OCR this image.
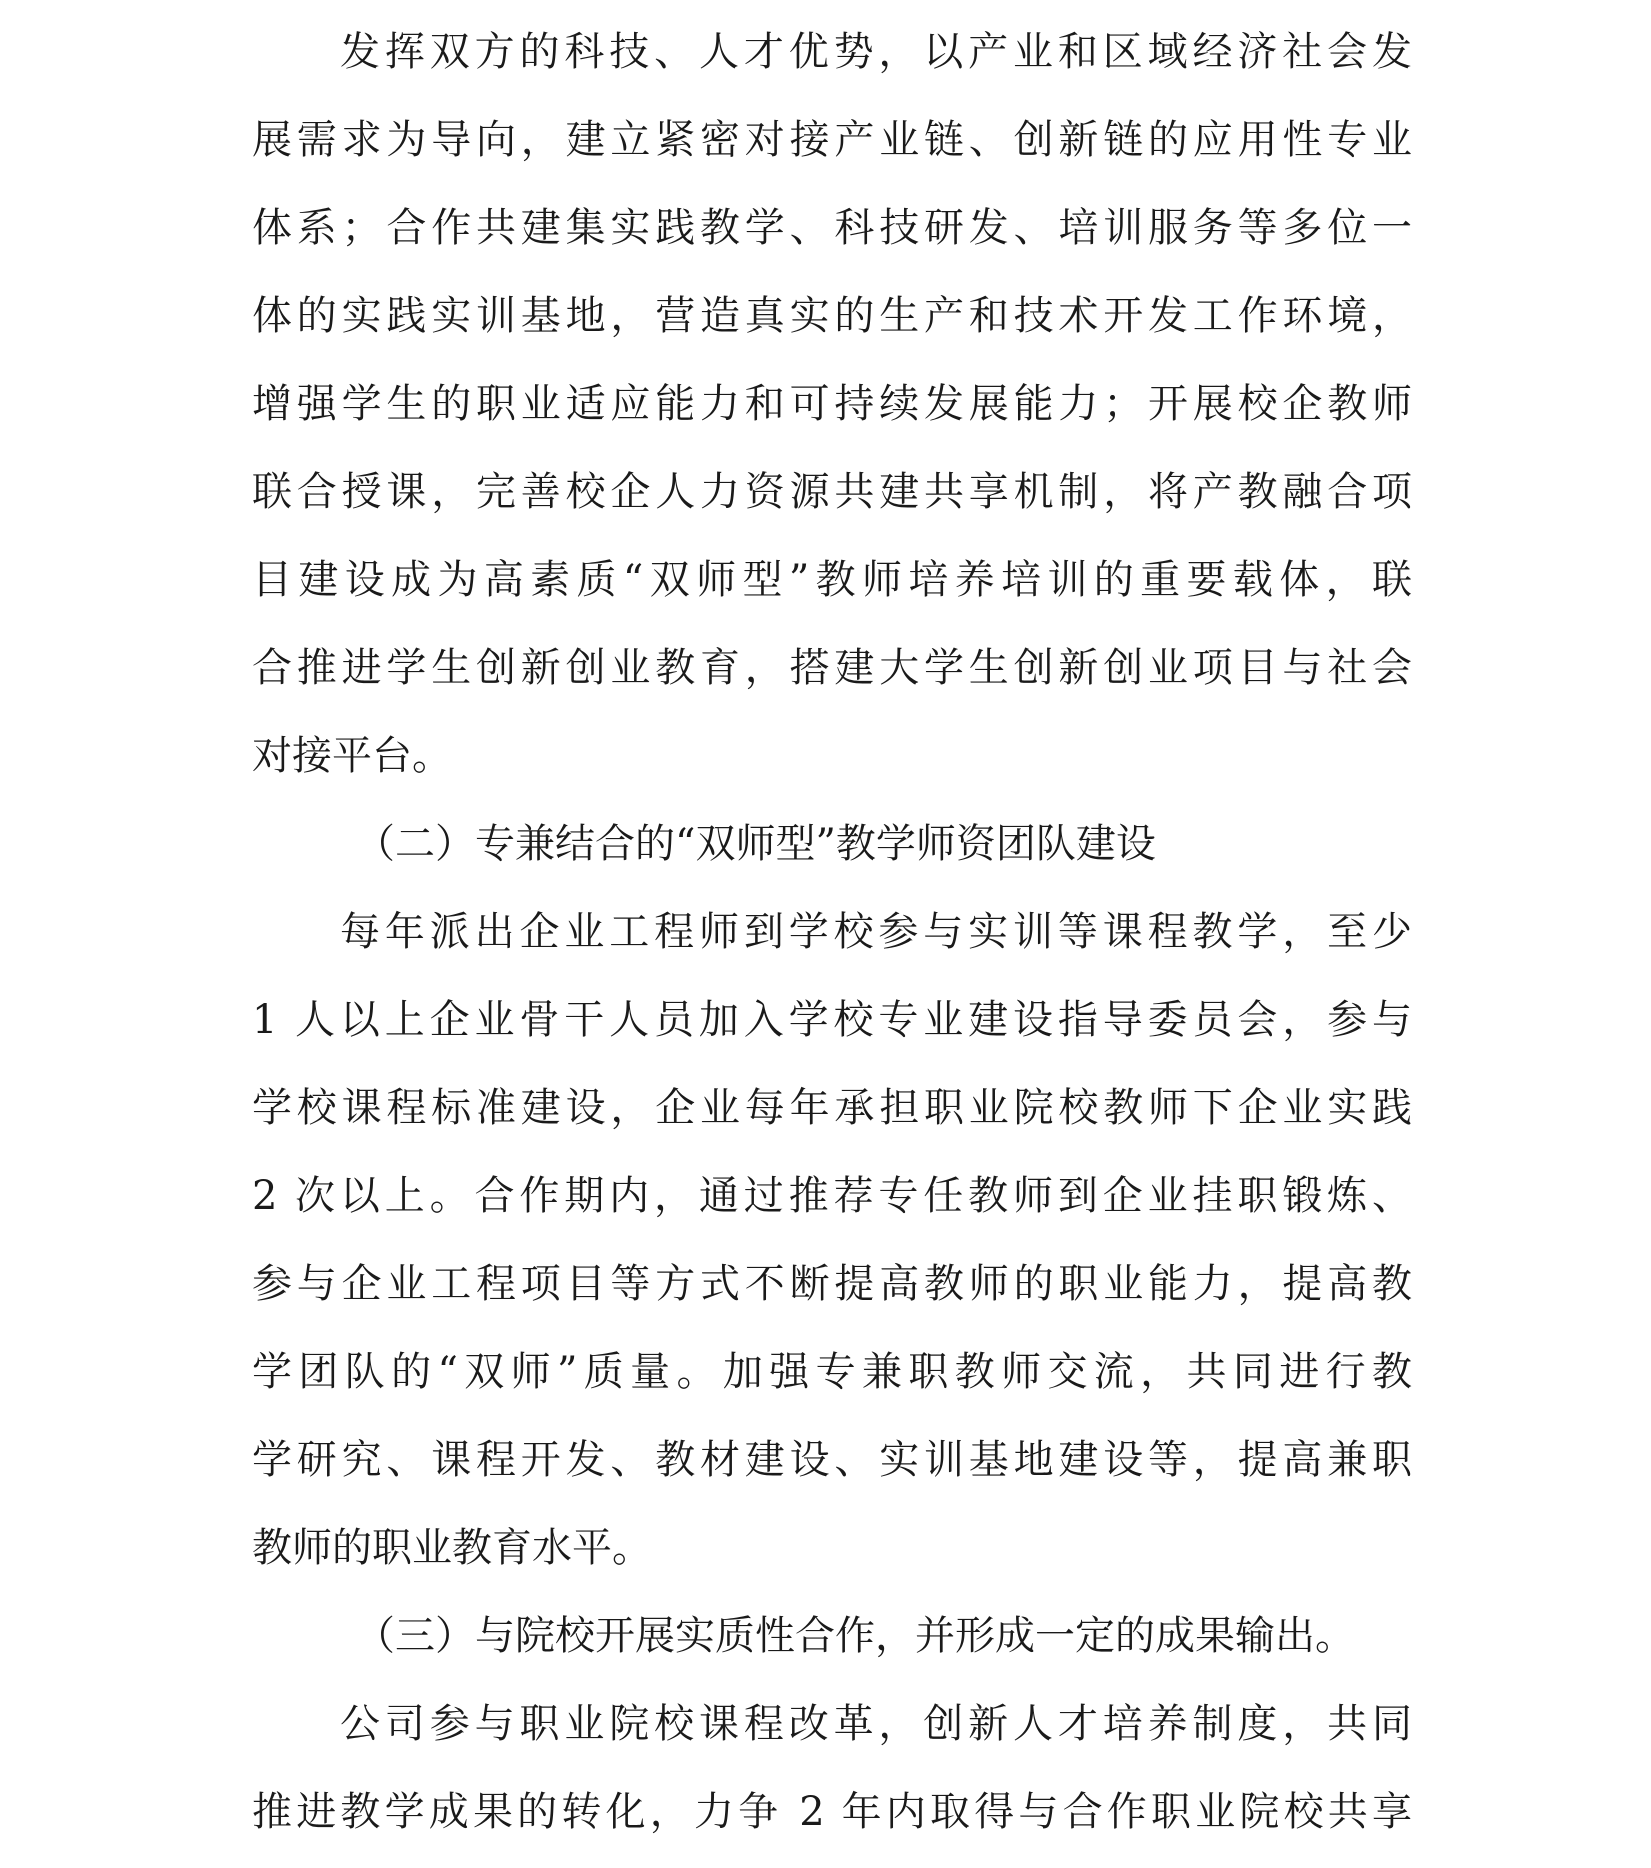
发挥双方的科技、人才优势，以产业和区域经济社会发
展需求为导向，建立紧密对接产业链、创新链的应用性专业
体系；合作共建集实践教学、科技研发、培训服务等多位一
体的实践实训基地，营造真实的生产和技术开发工作环境，
增强学生的职业适应能力和可持续发展能力；开展校企教师
联合授课，完善校企人力资源共建共享机制，将产教融合项
目建设成为高素质“双师型”教师培养培训的重要载体，联
合推进学生创新创业教育，搭建大学生创新创业项目与社会
对接平台。
（二）专兼结合的“双师型”教学师资团队建设
每年派出企业工程师到学校参与实训等课程教学，至少
1 人以上企业骨干人员加入学校专业建设指导委员会，参与
学校课程标准建设，企业每年承担职业院校教师下企业实践
2 次以上。合作期内，通过推荐专任教师到企业挂职锻炼、
参与企业工程项目等方式不断提高教师的职业能力，提高教
学团队的“双师”质量。加强专兼职教师交流，共同进行教
学研究、课程开发、教材建设、实训基地建设等，提高兼职
教师的职业教育水平。
（三）与院校开展实质性合作，并形成一定的成果输出。
公司参与职业院校课程改革，创新人才培养制度，共同
推进教学成果的转化，力争 2 年内取得与合作职业院校共享
